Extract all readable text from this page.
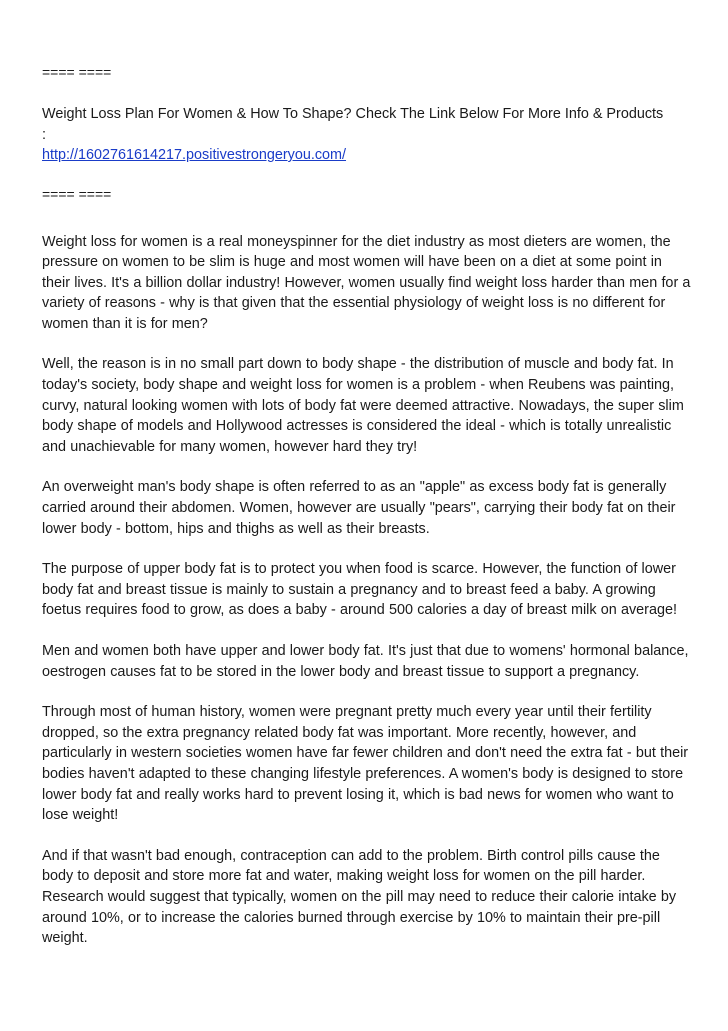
==== ====

Weight Loss Plan For Women & How To Shape? Check The Link Below For More Info & Products
:
http://1602761614217.positivestrongeryou.com/

==== ====

Weight loss for women is a real moneyspinner for the diet industry as most dieters are women, the pressure on women to be slim is huge and most women will have been on a diet at some point in their lives. It's a billion dollar industry! However, women usually find weight loss harder than men for a variety of reasons - why is that given that the essential physiology of weight loss is no different for women than it is for men?

Well, the reason is in no small part down to body shape - the distribution of muscle and body fat. In today's society, body shape and weight loss for women is a problem - when Reubens was painting, curvy, natural looking women with lots of body fat were deemed attractive. Nowadays, the super slim body shape of models and Hollywood actresses is considered the ideal - which is totally unrealistic and unachievable for many women, however hard they try!

An overweight man's body shape is often referred to as an "apple" as excess body fat is generally carried around their abdomen. Women, however are usually "pears", carrying their body fat on their lower body - bottom, hips and thighs as well as their breasts.

The purpose of upper body fat is to protect you when food is scarce. However, the function of lower body fat and breast tissue is mainly to sustain a pregnancy and to breast feed a baby. A growing foetus requires food to grow, as does a baby - around 500 calories a day of breast milk on average!

Men and women both have upper and lower body fat. It's just that due to womens' hormonal balance, oestrogen causes fat to be stored in the lower body and breast tissue to support a pregnancy.

Through most of human history, women were pregnant pretty much every year until their fertility dropped, so the extra pregnancy related body fat was important. More recently, however, and particularly in western societies women have far fewer children and don't need the extra fat - but their bodies haven't adapted to these changing lifestyle preferences. A women's body is designed to store lower body fat and really works hard to prevent losing it, which is bad news for women who want to lose weight!

And if that wasn't bad enough, contraception can add to the problem. Birth control pills cause the body to deposit and store more fat and water, making weight loss for women on the pill harder. Research would suggest that typically, women on the pill may need to reduce their calorie intake by around 10%, or to increase the calories burned through exercise by 10% to maintain their pre-pill weight.
